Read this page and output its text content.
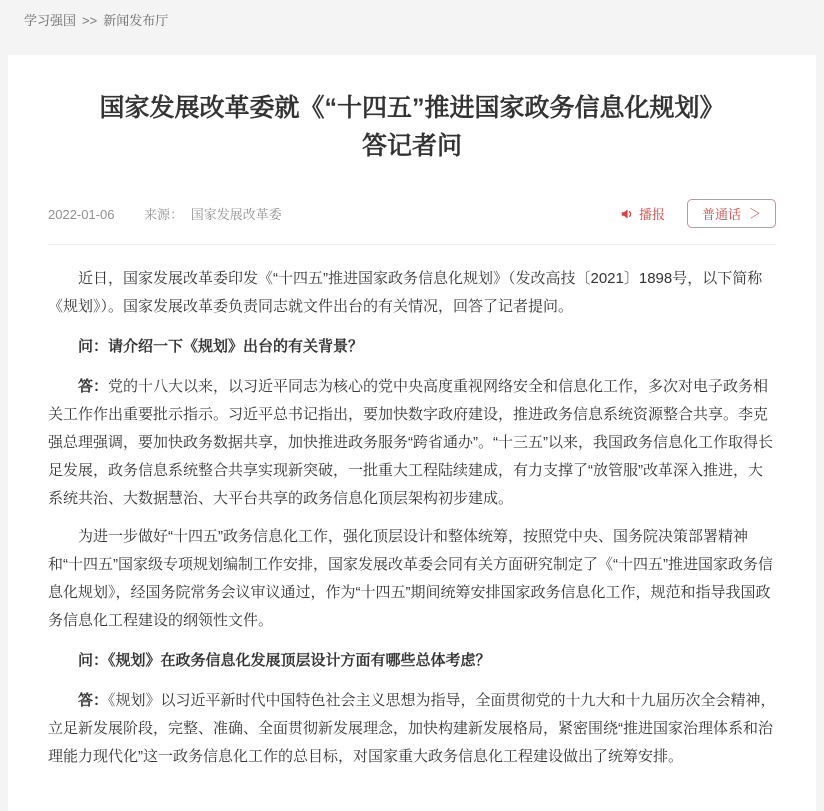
学习强国 >> 新闻发布厅
国家发展改革委就《“十四五”推进国家政务信息化规划》
答记者问
2022-01-06 来源： 国家发展改革委	播报	普通话 ＞

近日，国家发展改革委印发《“十四五”推进国家政务信息化规划》（发改高技〔2021〕1898号，以下简称《规划》）。国家发展改革委负责同志就文件出台的有关情况，回答了记者提问。

问：请介绍一下《规划》出台的有关背景？

答：党的十八大以来，以习近平同志为核心的党中央高度重视网络安全和信息化工作，多次对电子政务相关工作作出重要批示指示。习近平总书记指出，要加快数字政府建设，推进政务信息系统资源整合共享。李克强总理强调，要加快政务数据共享，加快推进政务服务“跨省通办”。“十三五”以来，我国政务信息化工作取得长足发展，政务信息系统整合共享实现新突破，一批重大工程陆续建成，有力支撑了“放管服”改革深入推进，大系统共治、大数据慧治、大平台共享的政务信息化顶层架构初步建成。

为进一步做好“十四五”政务信息化工作，强化顶层设计和整体统筹，按照党中央、国务院决策部署精神和“十四五”国家级专项规划编制工作安排，国家发展改革委会同有关方面研究制定了《“十四五”推进国家政务信息化规划》，经国务院常务会议审议通过，作为“十四五”期间统筹安排国家政务信息化工作，规范和指导我国政务信息化工程建设的纲领性文件。

问：《规划》在政务信息化发展顶层设计方面有哪些总体考虑？

答：《规划》以习近平新时代中国特色社会主义思想为指导，全面贯彻党的十九大和十九届历次全会精神，立足新发展阶段，完整、准确、全面贯彻新发展理念，加快构建新发展格局，紧密围绕“推进国家治理体系和治理能力现代化”这一政务信息化工作的总目标，对国家重大政务信息化工程建设做出了统筹安排。
